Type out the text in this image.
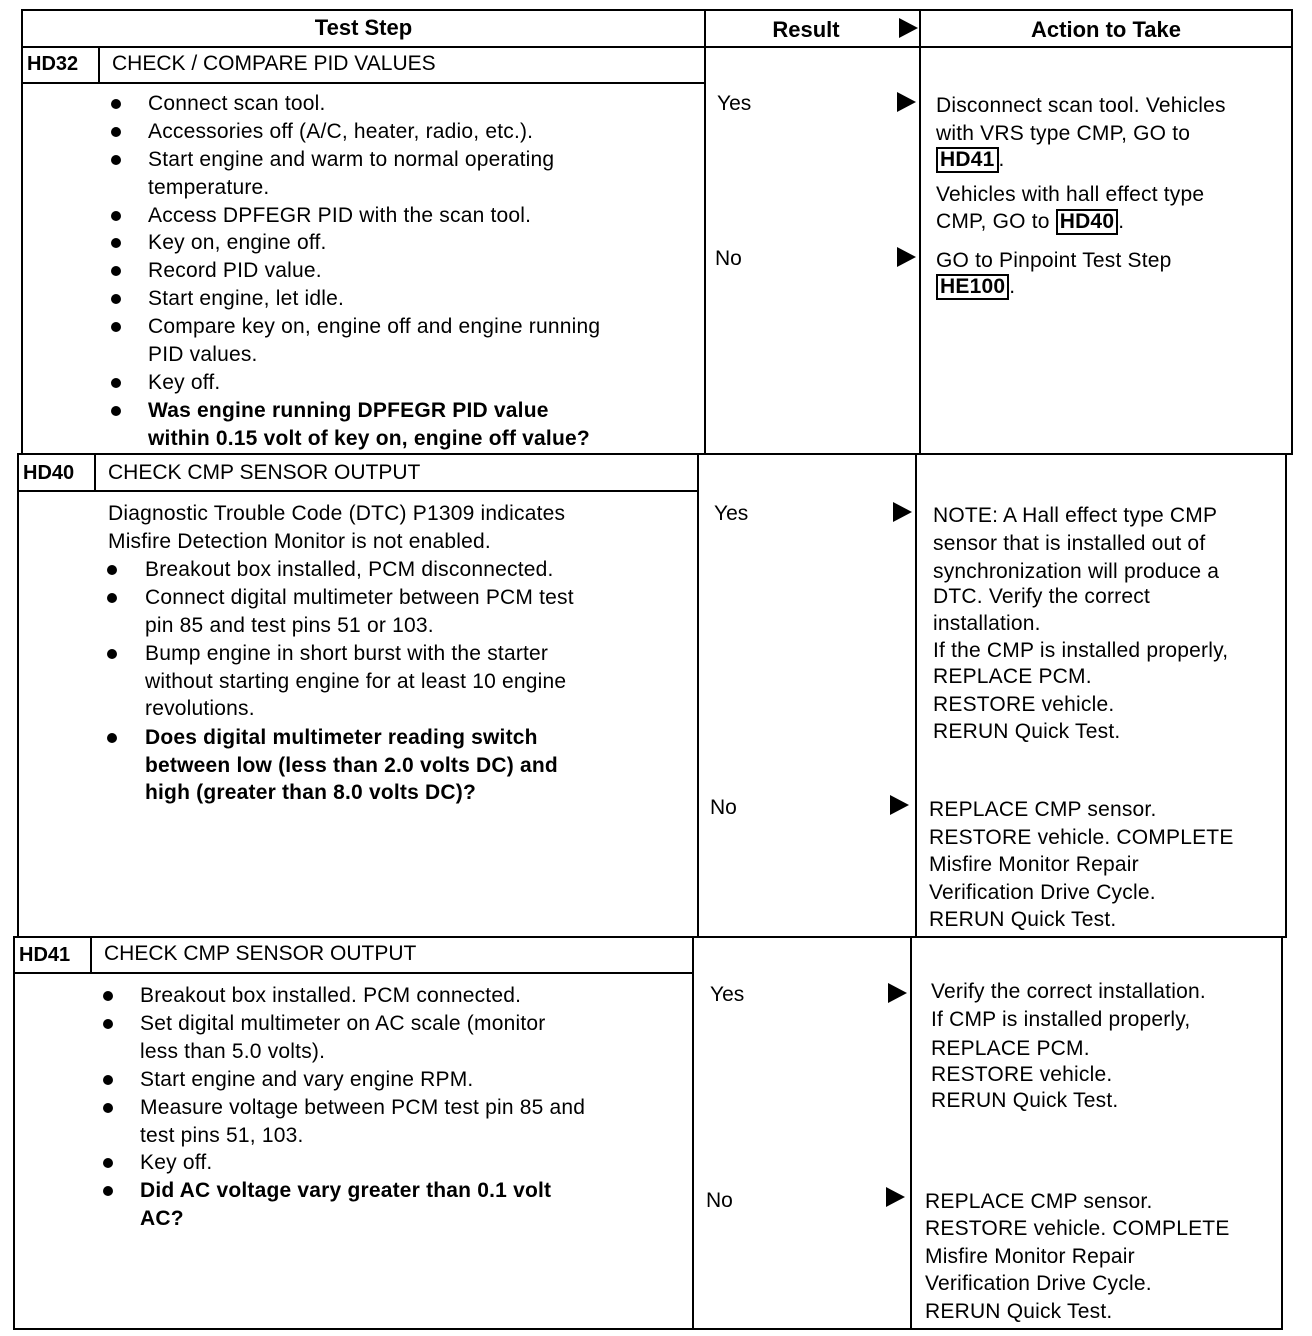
Test Step	Result	Action to Take
HD32 CHECK / COMPARE PID VALUES
Connect scan tool.
Accessories off (A/C, heater, radio, etc.).
Start engine and warm to normal operating
temperature.
Access DPFEGR PID with the scan tool.
Key on, engine off.
Record PID value.
Start engine, let idle.
Compare key on, engine off and engine running
PID values.
Key off.
Was engine running DPFEGR PID value
within 0.15 volt of key on, engine off value?
Yes
No
Disconnect scan tool. Vehicles
with VRS type CMP, GO to
HD41 .
Vehicles with hall effect type
CMP, GO to HD40 .
GO to Pinpoint Test Step
HE100 .
HD40 CHECK CMP SENSOR OUTPUT
Diagnostic Trouble Code (DTC) P1309 indicates
Misfire Detection Monitor is not enabled.
Breakout box installed, PCM disconnected.
Connect digital multimeter between PCM test
pin 85 and test pins 51 or 103.
Bump engine in short burst with the starter
without starting engine for at least 10 engine
revolutions.
Does digital multimeter reading switch
between low (less than 2.0 volts DC) and
high (greater than 8.0 volts DC)?
Yes
No
NOTE: A Hall effect type CMP
sensor that is installed out of
synchronization will produce a
DTC. Verify the correct
installation.
If the CMP is installed properly,
REPLACE PCM.
RESTORE vehicle.
RERUN Quick Test.
REPLACE CMP sensor.
RESTORE vehicle. COMPLETE
Misfire Monitor Repair
Verification Drive Cycle.
RERUN Quick Test.
HD41 CHECK CMP SENSOR OUTPUT
Breakout box installed. PCM connected.
Set digital multimeter on AC scale (monitor
less than 5.0 volts).
Start engine and vary engine RPM.
Measure voltage between PCM test pin 85 and
test pins 51, 103.
Key off.
Did AC voltage vary greater than 0.1 volt
AC?
Yes
No
Verify the correct installation.
If CMP is installed properly,
REPLACE PCM.
RESTORE vehicle.
RERUN Quick Test.
REPLACE CMP sensor.
RESTORE vehicle. COMPLETE
Misfire Monitor Repair
Verification Drive Cycle.
RERUN Quick Test.
